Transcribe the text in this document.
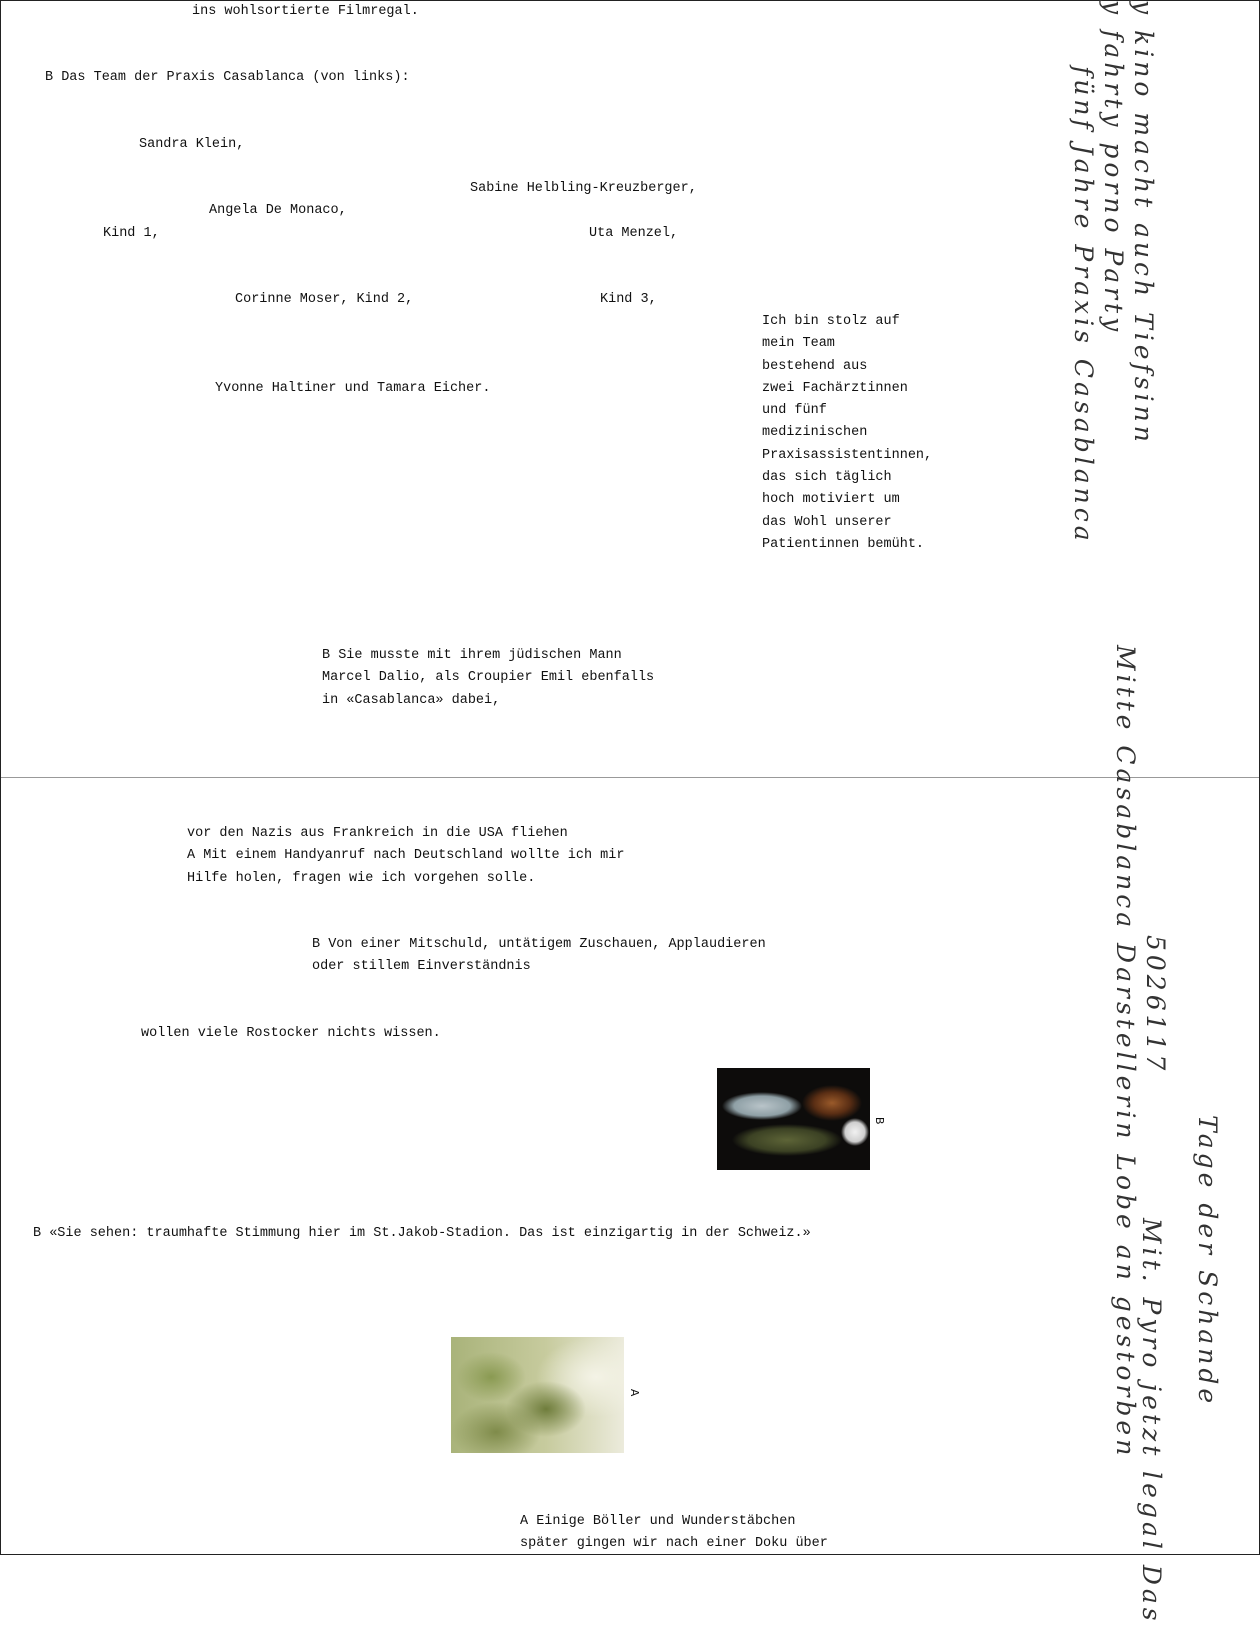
ins wohlsortierte Filmregal.
B Das Team der Praxis Casablanca (von links):
Sandra Klein,
Sabine Helbling-Kreuzberger,
Angela De Monaco,
Kind 1,	Uta Menzel,
Corinne Moser, Kind 2,	Kind 3,
Ich bin stolz auf
mein Team
bestehend aus
zwei Fachärztinnen
und fünf
medizinischen
Praxisassistentinnen,
das sich täglich
hoch motiviert um
das Wohl unserer
Patientinnen bemüht.
Yvonne Haltiner und Tamara Eicher.
B Sie musste mit ihrem jüdischen Mann
Marcel Dalio, als Croupier Emil ebenfalls
in «Casablanca» dabei,
vor den Nazis aus Frankreich in die USA fliehen
A Mit einem Handyanruf nach Deutschland wollte ich mir
Hilfe holen, fragen wie ich vorgehen solle.
B Von einer Mitschuld, untätigem Zuschauen, Applaudieren
oder stillem Einverständnis
wollen viele Rostocker nichts wissen.
B
B «Sie sehen: traumhafte Stimmung hier im St.Jakob-Stadion. Das ist einzigartig in der Schweiz.»
A
A Einige Böller und Wunderstäbchen
später gingen wir nach einer Doku über
fünf Jahre Praxis Casablanca y fahrty porno Party y kino macht auch Tiefsinn
Mitte Casablanca Darstellerin Lobe an gestorben 5026117
Mit. Pyro jetzt legal Das Tage der Schande
